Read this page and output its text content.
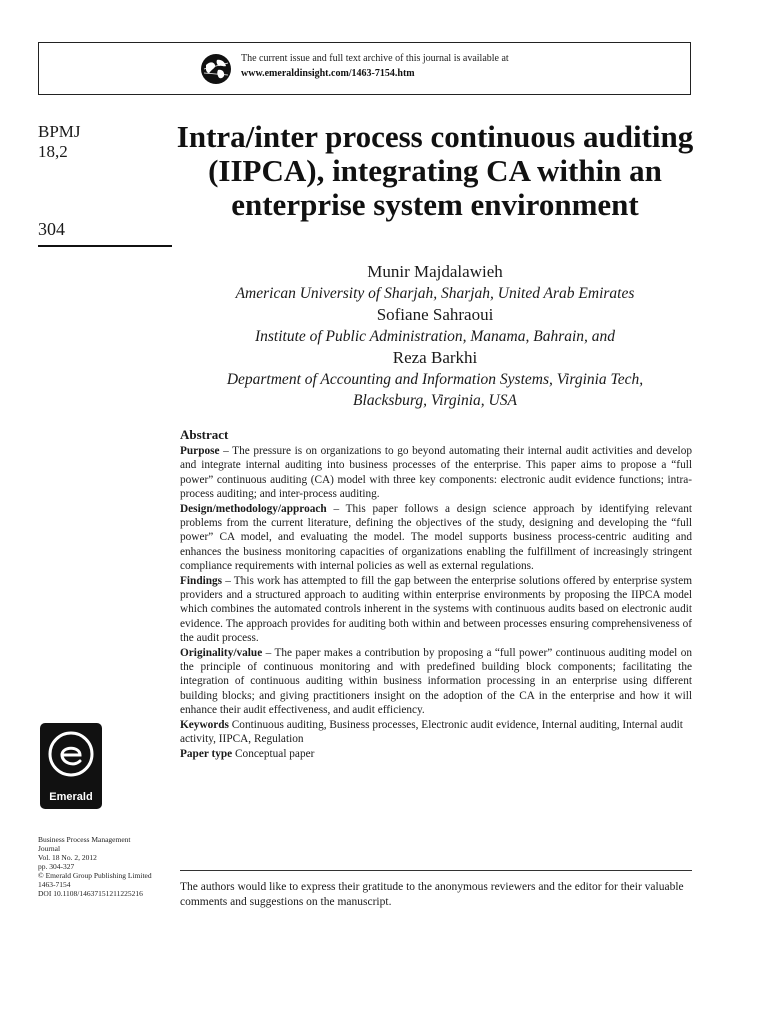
The current issue and full text archive of this journal is available at
www.emeraldinsight.com/1463-7154.htm
BPMJ
18,2
304
Intra/inter process continuous auditing (IIPCA), integrating CA within an enterprise system environment
Munir Majdalawieh
American University of Sharjah, Sharjah, United Arab Emirates
Sofiane Sahraoui
Institute of Public Administration, Manama, Bahrain, and
Reza Barkhi
Department of Accounting and Information Systems, Virginia Tech,
Blacksburg, Virginia, USA
Abstract

Purpose – The pressure is on organizations to go beyond automating their internal audit activities and develop and integrate internal auditing into business processes of the enterprise. This paper aims to propose a “full power” continuous auditing (CA) model with three key components: electronic audit evidence functions; intra-process auditing; and inter-process auditing.

Design/methodology/approach – This paper follows a design science approach by identifying relevant problems from the current literature, defining the objectives of the study, designing and developing the “full power” CA model, and evaluating the model. The model supports business process-centric auditing and enhances the business monitoring capacities of organizations enabling the fulfillment of increasingly stringent compliance requirements with internal policies as well as external regulations.

Findings – This work has attempted to fill the gap between the enterprise solutions offered by enterprise system providers and a structured approach to auditing within enterprise environments by proposing the IIPCA model which combines the automated controls inherent in the systems with continuous audits based on electronic audit evidence. The approach provides for auditing both within and between processes ensuring comprehensiveness of the audit process.

Originality/value – The paper makes a contribution by proposing a “full power” continuous auditing model on the principle of continuous monitoring and with predefined building block components; facilitating the integration of continuous auditing within business information processing in an enterprise using different building blocks; and giving practitioners insight on the adoption of the CA in the enterprise and how it will enhance their audit effectiveness, and audit efficiency.

Keywords Continuous auditing, Business processes, Electronic audit evidence, Internal auditing, Internal audit activity, IIPCA, Regulation

Paper type Conceptual paper

Emerald
Business Process Management
Journal
Vol. 18 No. 2, 2012
pp. 304-327
© Emerald Group Publishing Limited
1463-7154
DOI 10.1108/14637151211225216
The authors would like to express their gratitude to the anonymous reviewers and the editor for their valuable comments and suggestions on the manuscript.
